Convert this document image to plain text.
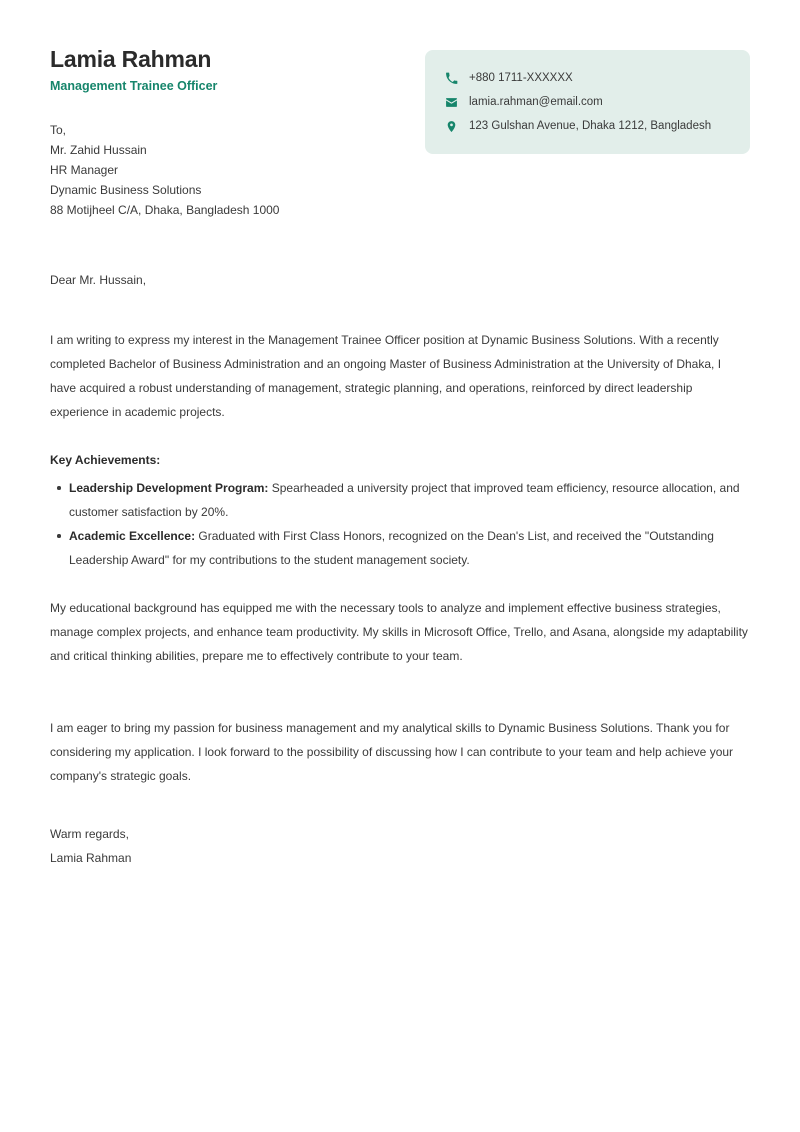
Lamia Rahman
Management Trainee Officer
+880 1711-XXXXXX
lamia.rahman@email.com
123 Gulshan Avenue, Dhaka 1212, Bangladesh
To,
Mr. Zahid Hussain
HR Manager
Dynamic Business Solutions
88 Motijheel C/A, Dhaka, Bangladesh 1000
Dear Mr. Hussain,

I am writing to express my interest in the Management Trainee Officer position at Dynamic Business Solutions. With a recently completed Bachelor of Business Administration and an ongoing Master of Business Administration at the University of Dhaka, I have acquired a robust understanding of management, strategic planning, and operations, reinforced by direct leadership experience in academic projects.

Key Achievements:
Leadership Development Program: Spearheaded a university project that improved team efficiency, resource allocation, and customer satisfaction by 20%.
Academic Excellence: Graduated with First Class Honors, recognized on the Dean's List, and received the "Outstanding Leadership Award" for my contributions to the student management society.

My educational background has equipped me with the necessary tools to analyze and implement effective business strategies, manage complex projects, and enhance team productivity. My skills in Microsoft Office, Trello, and Asana, alongside my adaptability and critical thinking abilities, prepare me to effectively contribute to your team.

I am eager to bring my passion for business management and my analytical skills to Dynamic Business Solutions. Thank you for considering my application. I look forward to the possibility of discussing how I can contribute to your team and help achieve your company's strategic goals.

Warm regards,
Lamia Rahman
